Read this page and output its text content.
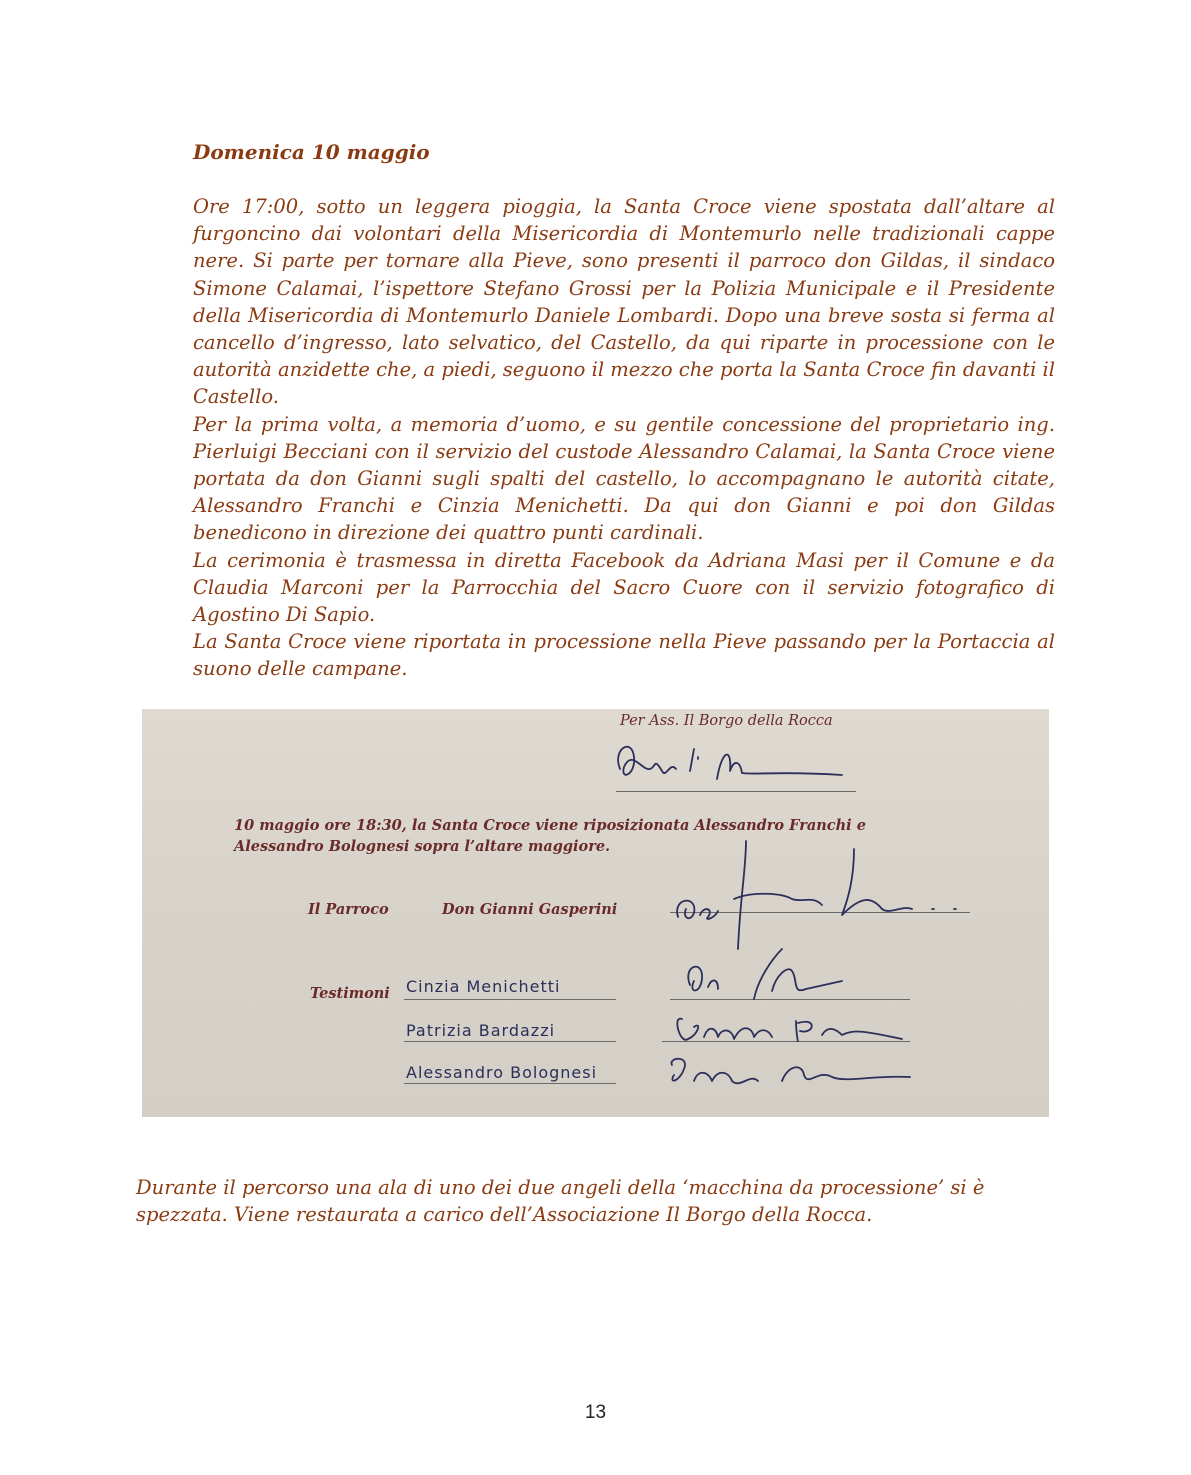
Domenica 10 maggio

Ore 17:00, sotto un leggera pioggia, la Santa Croce viene spostata dall’altare al furgoncino dai volontari della Misericordia di Montemurlo nelle tradizionali cappe nere. Si parte per tornare alla Pieve, sono presenti il parroco don Gildas, il sindaco Simone Calamai, l’ispettore Stefano Grossi per la Polizia Municipale e il Presidente della Misericordia di Montemurlo Daniele Lombardi. Dopo una breve sosta si ferma al cancello d’ingresso, lato selvatico, del Castello, da qui riparte in processione con le autorità anzidette che, a piedi, seguono il mezzo che porta la Santa Croce fin davanti il Castello.

Per la prima volta, a memoria d’uomo, e su gentile concessione del proprietario ing. Pierluigi Becciani con il servizio del custode Alessandro Calamai, la Santa Croce viene portata da don Gianni sugli spalti del castello, lo accompagnano le autorità citate, Alessandro Franchi e Cinzia Menichetti. Da qui don Gianni e poi don Gildas benedicono in direzione dei quattro punti cardinali.

La cerimonia è trasmessa in diretta Facebook da Adriana Masi per il Comune e da Claudia Marconi per la Parrocchia del Sacro Cuore con il servizio fotografico di Agostino Di Sapio.

La Santa Croce viene riportata in processione nella Pieve passando per la Portaccia al suono delle campane.

Per Ass. Il Borgo della Rocca
10 maggio ore 18:30, la Santa Croce viene riposizionata Alessandro Franchi e
Alessandro Bolognesi sopra l’altare maggiore.
Il Parroco	Don Gianni Gasperini
Testimoni Cinzia Menichetti
Patrizia Bardazzi
Alessandro Bolognesi

Durante il percorso una ala di uno dei due angeli della ‘macchina da processione’ si è spezzata. Viene restaurata a carico dell’Associazione Il Borgo della Rocca.

13
